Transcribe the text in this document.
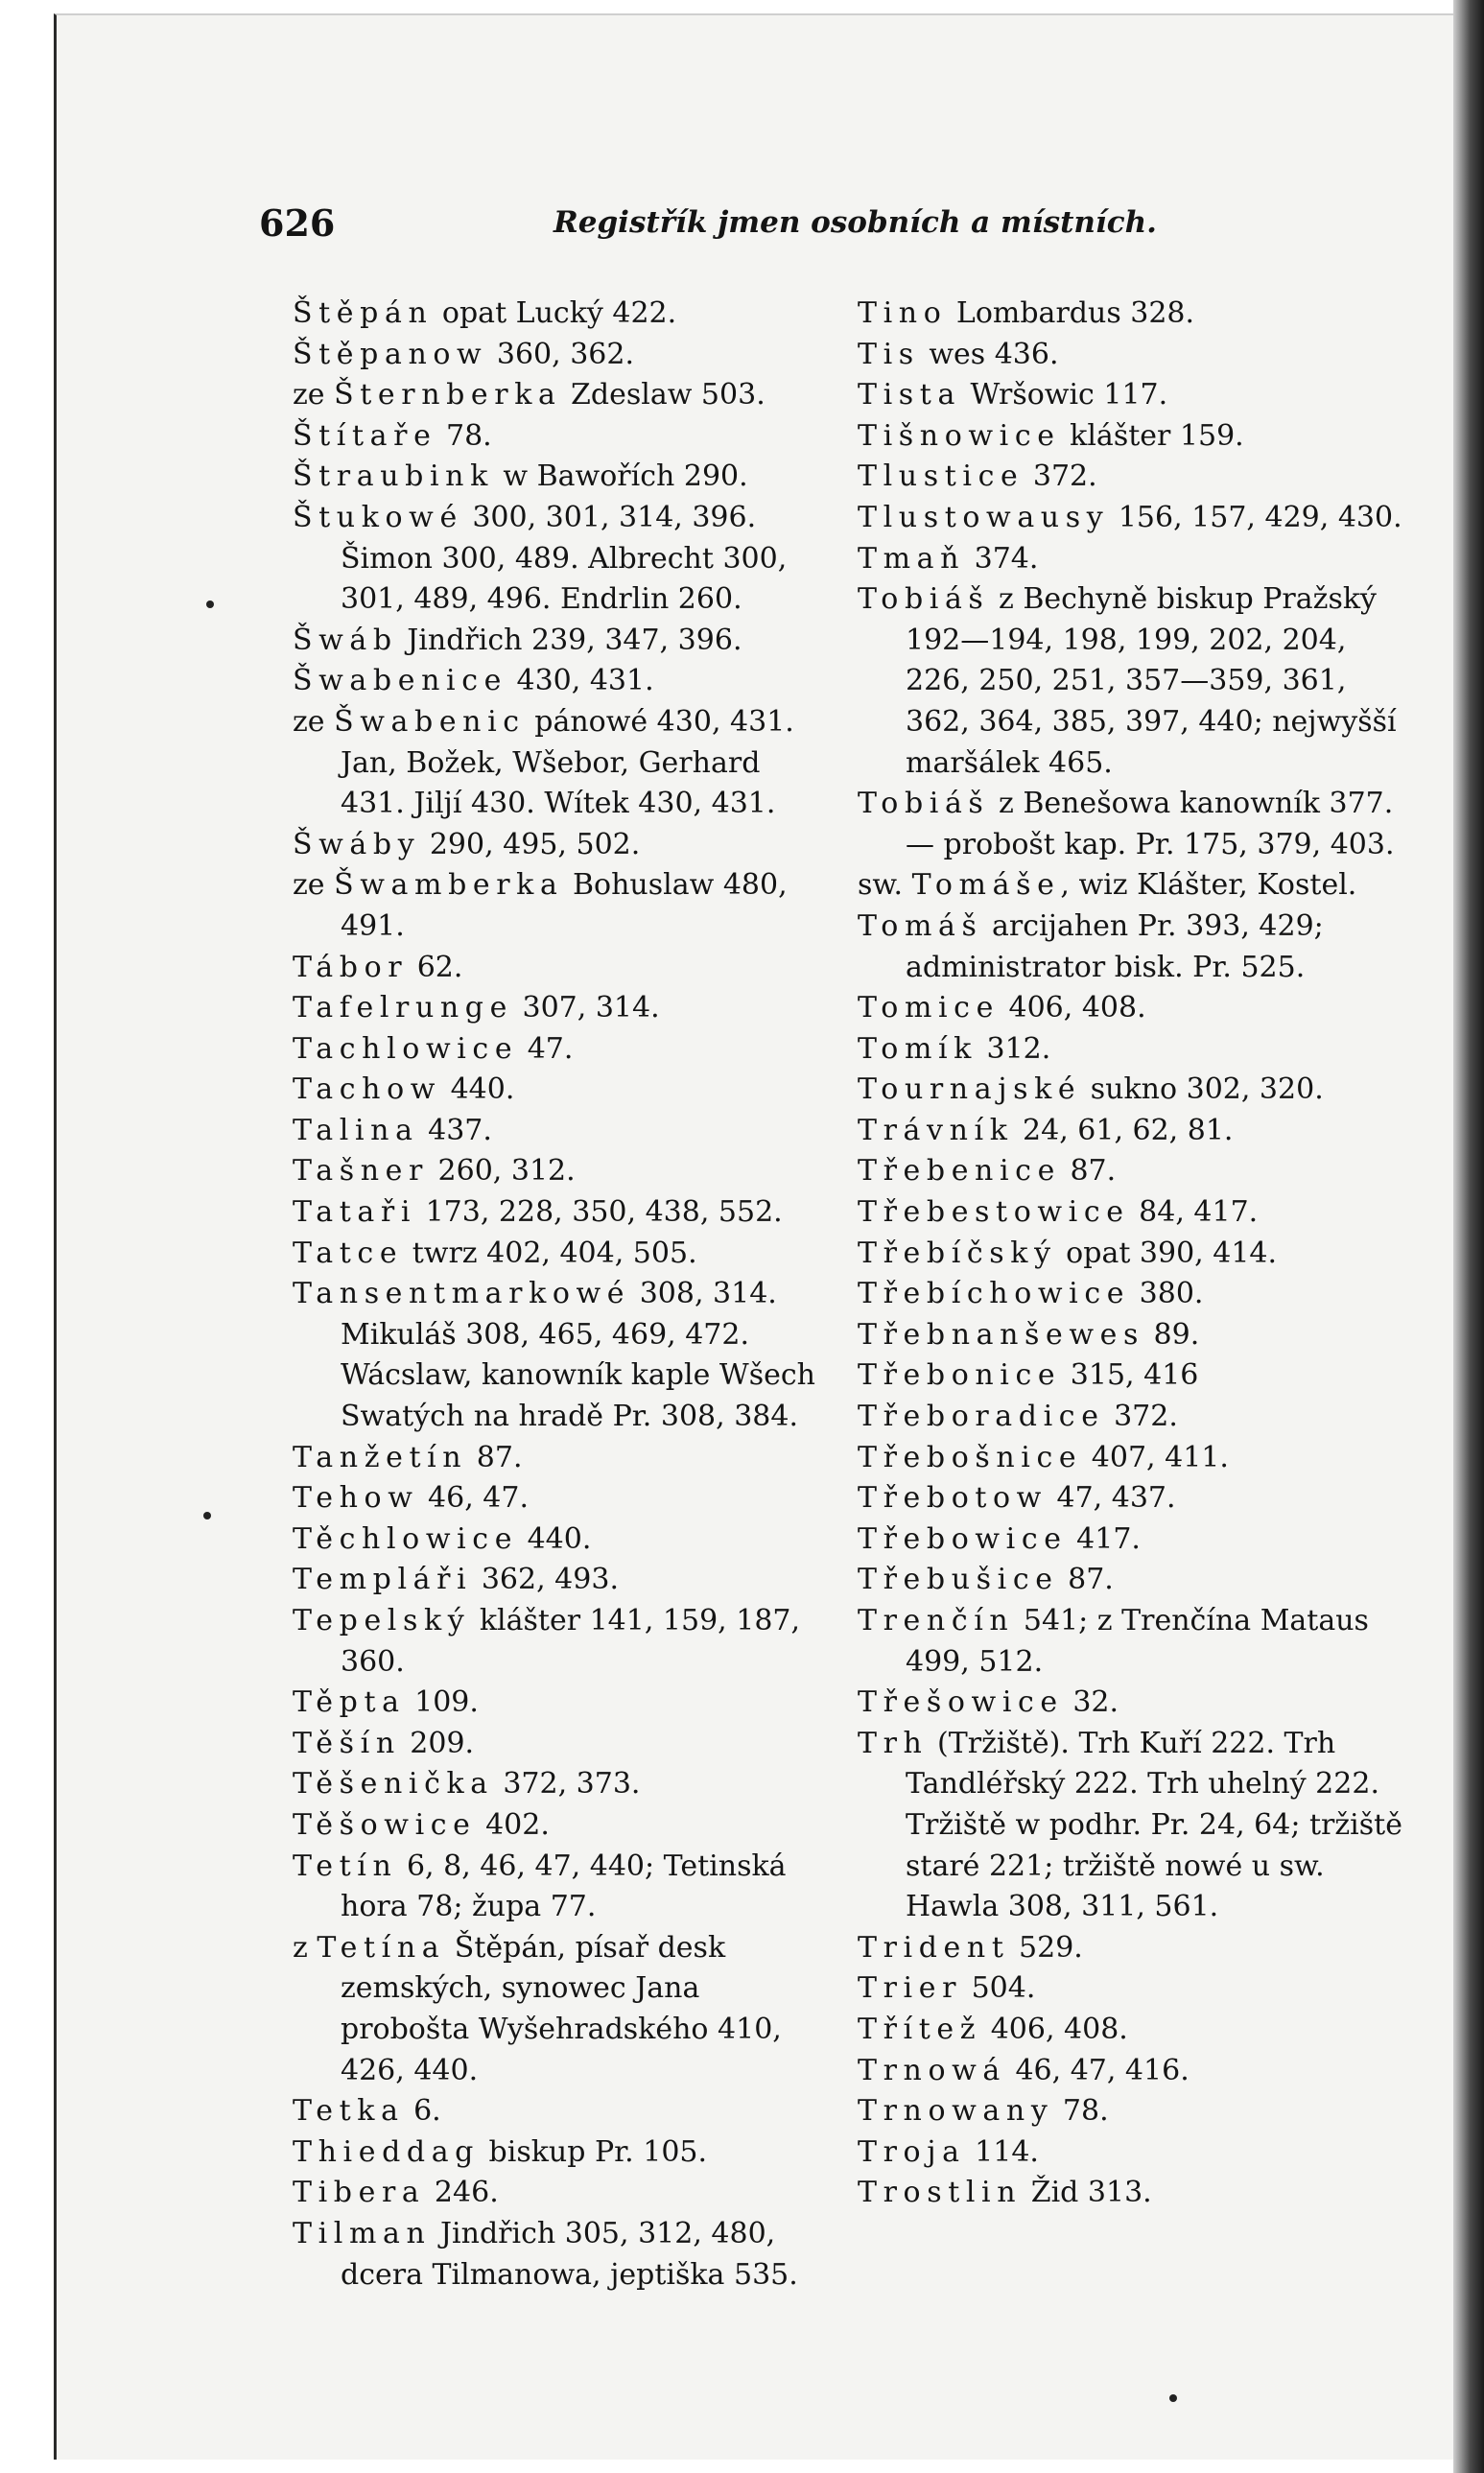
626	Registřík jmen osobních a místních.
Štěpán opat Lucký 422.
Štěpanow 360, 362.
ze Šternberka Zdeslaw 503.
Štítaře 78.
Štraubink w Bawořích 290.
Štukowé 300, 301, 314, 396. Šimon 300, 489. Albrecht 300, 301, 489, 496. Endrlin 260.
Šwáb Jindřich 239, 347, 396.
Šwabenice 430, 431.
ze Šwabenic pánowé 430, 431. Jan, Božek, Wšebor, Gerhard 431. Jiljí 430. Wítek 430, 431.
Šwáby 290, 495, 502.
ze Šwamberka Bohuslaw 480, 491.
Tábor 62.
Tafelrunge 307, 314.
Tachlowice 47.
Tachow 440.
Talina 437.
Tašner 260, 312.
Tataři 173, 228, 350, 438, 552.
Tatce twrz 402, 404, 505.
Tansentmarkowé 308, 314. Mikuláš 308, 465, 469, 472. Wácslaw, kanowník kaple Wšech Swatých na hradě Pr. 308, 384.
Tanžetín 87.
Tehow 46, 47.
Těchlowice 440.
Templáři 362, 493.
Tepelský klášter 141, 159, 187, 360.
Těpta 109.
Těšín 209.
Těšenička 372, 373.
Těšowice 402.
Tetín 6, 8, 46, 47, 440; Tetinská hora 78; župa 77.
z Tetína Štěpán, písař desk zemských, synowec Jana probošta Wyšehradského 410, 426, 440.
Tetka 6.
Thieddag biskup Pr. 105.
Tibera 246.
Tilman Jindřich 305, 312, 480, dcera Tilmanowa, jeptiška 535.
Tino Lombardus 328.
Tis wes 436.
Tista Wršowic 117.
Tišnowice klášter 159.
Tlustice 372.
Tlustowausy 156, 157, 429, 430.
Tmaň 374.
Tobiáš z Bechyně biskup Pražský 192—194, 198, 199, 202, 204, 226, 250, 251, 357—359, 361, 362, 364, 385, 397, 440; nejwyšší maršálek 465.
Tobiáš z Benešowa kanowník 377. — probošt kap. Pr. 175, 379, 403.
sw. Tomáše, wiz Klášter, Kostel.
Tomáš arcijahen Pr. 393, 429; administrator bisk. Pr. 525.
Tomice 406, 408.
Tomík 312.
Tournajské sukno 302, 320.
Trávník 24, 61, 62, 81.
Třebenice 87.
Třebestowice 84, 417.
Třebíčský opat 390, 414.
Třebíchowice 380.
Třebnanšewes 89.
Třebonice 315, 416
Třeboradice 372.
Třebošnice 407, 411.
Třebotow 47, 437.
Třebowice 417.
Třebušice 87.
Trenčín 541; z Trenčína Mataus 499, 512.
Třešowice 32.
Trh (Tržiště). Trh Kuří 222. Trh Tandléřský 222. Trh uhelný 222. Tržiště w podhr. Pr. 24, 64; tržiště staré 221; tržiště nowé u sw. Hawla 308, 311, 561.
Trident 529.
Trier 504.
Třítež 406, 408.
Trnowá 46, 47, 416.
Trnowany 78.
Troja 114.
Trostlin Žid 313.
